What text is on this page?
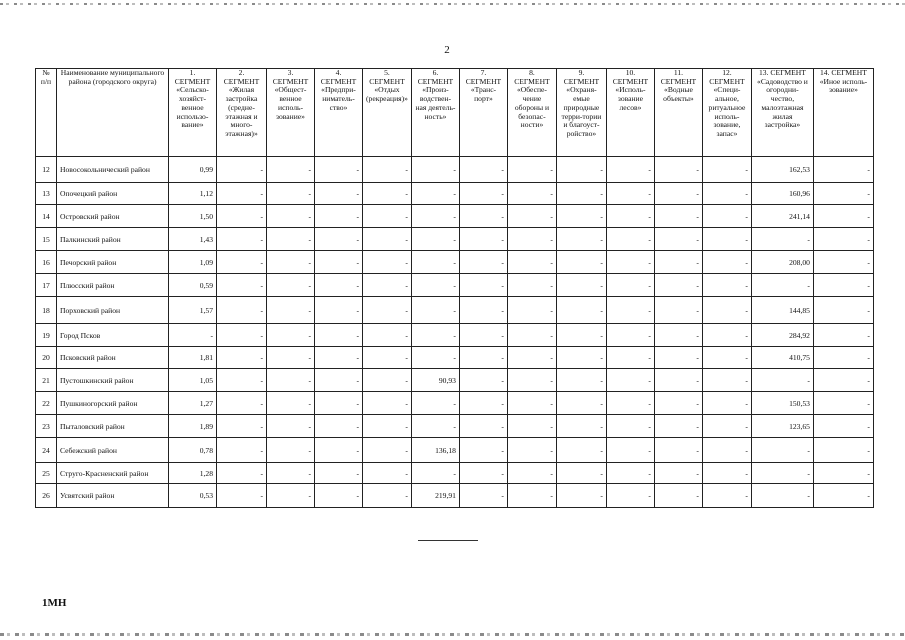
2
№ п/п	Наименование муниципального района (городского округа)	1. СЕГМЕНТ «Сельско-хозяйст-венное использо-вание»	2. СЕГМЕНТ «Жилая застройка (средне-этажная и много-этажная)»	3. СЕГМЕНТ «Общест-венное исполь-зование»	4. СЕГМЕНТ «Предпри-ниматель-ство»	5. СЕГМЕНТ «Отдых (рекреация)»	6. СЕГМЕНТ «Произ-водствен-ная деятель-ность»	7. СЕГМЕНТ «Транс-порт»	8. СЕГМЕНТ «Обеспе-чение обороны и безопас-ности»	9. СЕГМЕНТ «Охраня-емые природные терри-тории и благоуст-ройство»	10. СЕГМЕНТ «Исполь-зование лесов»	11. СЕГМЕНТ «Водные объекты»	12. СЕГМЕНТ «Специ-альное, ритуальное исполь-зование, запас»	13. СЕГМЕНТ «Садоводство и огородни-чество, малоэтажная жилая застройка»	14. СЕГМЕНТ «Иное исполь-зование»
12	Новосокольнический район	0,99	-	-	-	-	-	-	-	-	-	-	-	162,53	-
13	Опочецкий район	1,12	-	-	-	-	-	-	-	-	-	-	-	160,96	-
14	Островский район	1,50	-	-	-	-	-	-	-	-	-	-	-	241,14	-
15	Палкинский район	1,43	-	-	-	-	-	-	-	-	-	-	-	-	-
16	Печорский район	1,09	-	-	-	-	-	-	-	-	-	-	-	208,00	-
17	Плюсский район	0,59	-	-	-	-	-	-	-	-	-	-	-	-	-
18	Порховский район	1,57	-	-	-	-	-	-	-	-	-	-	-	144,85	-
19	Город Псков	-	-	-	-	-	-	-	-	-	-	-	-	284,92	-
20	Псковский район	1,81	-	-	-	-	-	-	-	-	-	-	-	410,75	-
21	Пустошкинский район	1,05	-	-	-	-	90,93	-	-	-	-	-	-	-	-
22	Пушкиногорский район	1,27	-	-	-	-	-	-	-	-	-	-	-	150,53	-
23	Пыталовский район	1,89	-	-	-	-	-	-	-	-	-	-	-	123,65	-
24	Себежский район	0,78	-	-	-	-	136,18	-	-	-	-	-	-	-	-
25	Струго-Красненский район	1,28	-	-	-	-	-	-	-	-	-	-	-	-	-
26	Усвятский район	0,53	-	-	-	-	219,91	-	-	-	-	-	-	-	-
1МН
